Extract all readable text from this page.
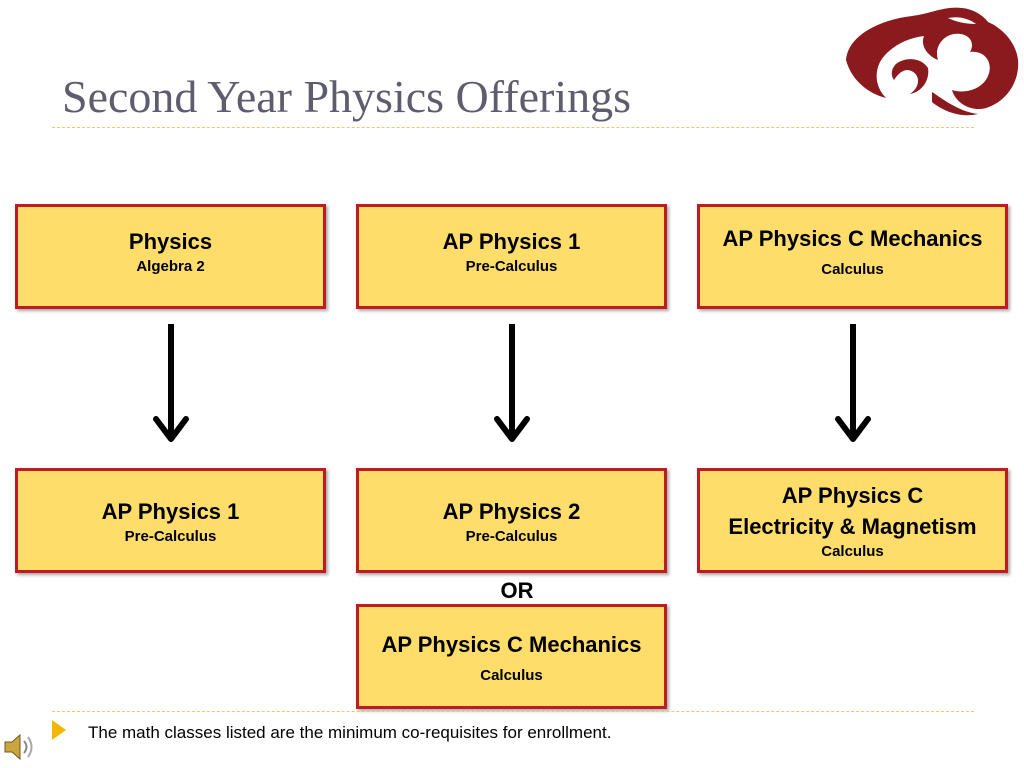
Second Year Physics Offerings
Physics
Algebra 2
AP Physics 1
Pre-Calculus
AP Physics C Mechanics
Calculus
AP Physics 1
Pre-Calculus
AP Physics 2
Pre-Calculus
AP Physics C
Electricity & Magnetism
Calculus
OR
AP Physics C Mechanics
Calculus
The math classes listed are the minimum co-requisites for enrollment.
